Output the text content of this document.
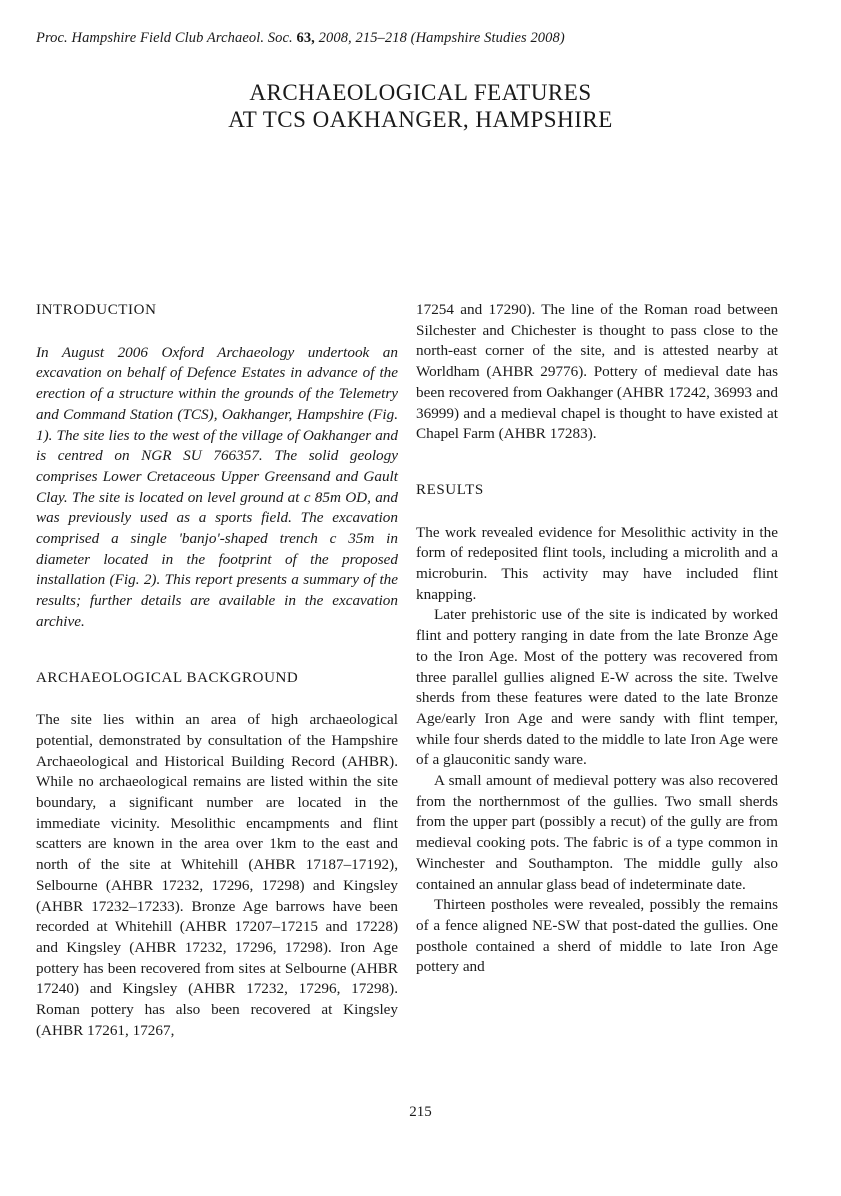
Proc. Hampshire Field Club Archaeol. Soc. 63, 2008, 215–218 (Hampshire Studies 2008)
ARCHAEOLOGICAL FEATURES
AT TCS OAKHANGER, HAMPSHIRE
INTRODUCTION

In August 2006 Oxford Archaeology undertook an excavation on behalf of Defence Estates in advance of the erection of a structure within the grounds of the Telemetry and Command Station (TCS), Oakhanger, Hampshire (Fig. 1). The site lies to the west of the village of Oakhanger and is centred on NGR SU 766357. The solid geology comprises Lower Cretaceous Upper Greensand and Gault Clay. The site is located on level ground at c 85m OD, and was previously used as a sports field. The excavation comprised a single 'banjo'-shaped trench c 35m in diameter located in the footprint of the proposed installation (Fig. 2). This report presents a summary of the results; further details are available in the excavation archive.

ARCHAEOLOGICAL BACKGROUND

The site lies within an area of high archaeological potential, demonstrated by consultation of the Hampshire Archaeological and Historical Building Record (AHBR). While no archaeological remains are listed within the site boundary, a significant number are located in the immediate vicinity. Mesolithic encampments and flint scatters are known in the area over 1km to the east and north of the site at Whitehill (AHBR 17187–17192), Selbourne (AHBR 17232, 17296, 17298) and Kingsley (AHBR 17232–17233). Bronze Age barrows have been recorded at Whitehill (AHBR 17207–17215 and 17228) and Kingsley (AHBR 17232, 17296, 17298). Iron Age pottery has been recovered from sites at Selbourne (AHBR 17240) and Kingsley (AHBR 17232, 17296, 17298). Roman pottery has also been recovered at Kingsley (AHBR 17261, 17267,

17254 and 17290). The line of the Roman road between Silchester and Chichester is thought to pass close to the north-east corner of the site, and is attested nearby at Worldham (AHBR 29776). Pottery of medieval date has been recovered from Oakhanger (AHBR 17242, 36993 and 36999) and a medieval chapel is thought to have existed at Chapel Farm (AHBR 17283).

RESULTS

The work revealed evidence for Mesolithic activity in the form of redeposited flint tools, including a microlith and a microburin. This activity may have included flint knapping.

Later prehistoric use of the site is indicated by worked flint and pottery ranging in date from the late Bronze Age to the Iron Age. Most of the pottery was recovered from three parallel gullies aligned E-W across the site. Twelve sherds from these features were dated to the late Bronze Age/early Iron Age and were sandy with flint temper, while four sherds dated to the middle to late Iron Age were of a glauconitic sandy ware.

A small amount of medieval pottery was also recovered from the northernmost of the gullies. Two small sherds from the upper part (possibly a recut) of the gully are from medieval cooking pots. The fabric is of a type common in Winchester and Southampton. The middle gully also contained an annular glass bead of indeterminate date.

Thirteen postholes were revealed, possibly the remains of a fence aligned NE-SW that post-dated the gullies. One posthole contained a sherd of middle to late Iron Age pottery and

215
